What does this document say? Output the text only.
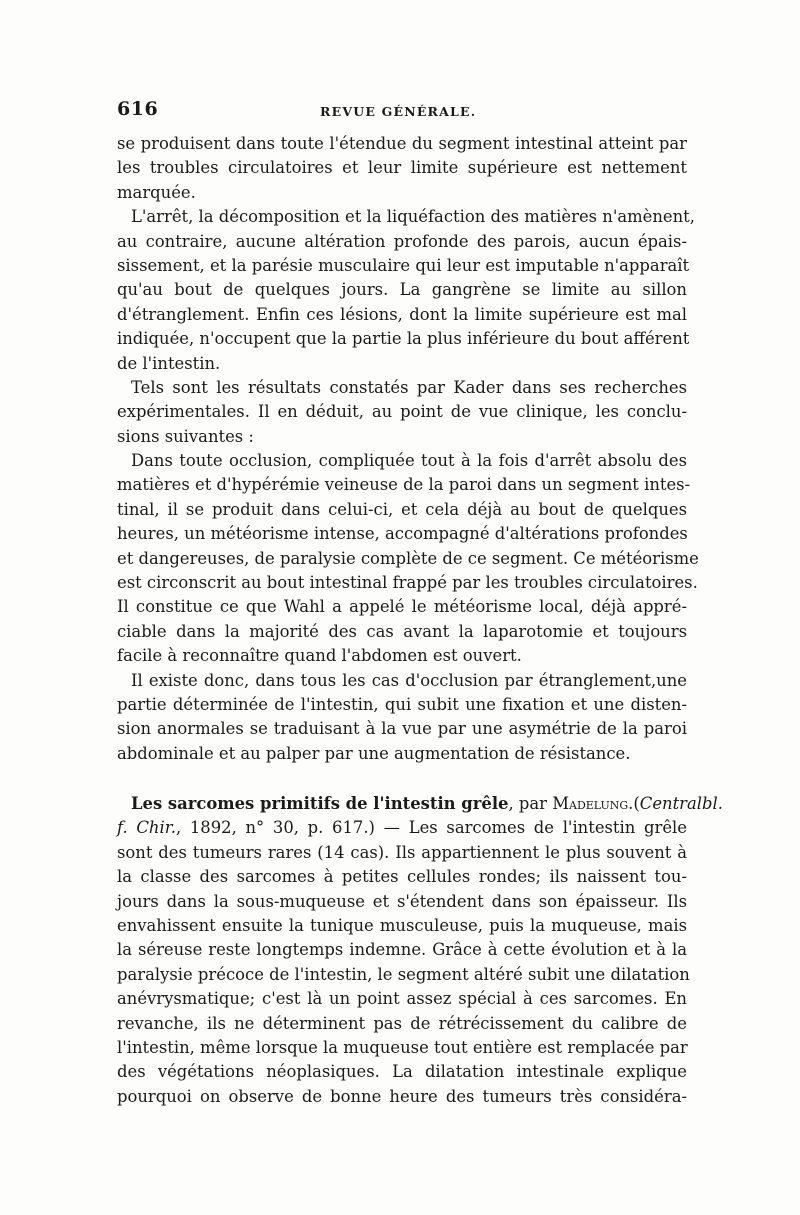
616	REVUE GÉNÉRALE.
se produisent dans toute l'étendue du segment intestinal atteint par
les troubles circulatoires et leur limite supérieure est nettement
marquée.
L'arrêt, la décomposition et la liquéfaction des matières n'amènent,
au contraire, aucune altération profonde des parois, aucun épais-
sissement, et la parésie musculaire qui leur est imputable n'apparaît
qu'au bout de quelques jours. La gangrène se limite au sillon
d'étranglement. Enfin ces lésions, dont la limite supérieure est mal
indiquée, n'occupent que la partie la plus inférieure du bout afférent
de l'intestin.
Tels sont les résultats constatés par Kader dans ses recherches
expérimentales. Il en déduit, au point de vue clinique, les conclu-
sions suivantes :
Dans toute occlusion, compliquée tout à la fois d'arrêt absolu des
matières et d'hypérémie veineuse de la paroi dans un segment intes-
tinal, il se produit dans celui-ci, et cela déjà au bout de quelques
heures, un météorisme intense, accompagné d'altérations profondes
et dangereuses, de paralysie complète de ce segment. Ce météorisme
est circonscrit au bout intestinal frappé par les troubles circulatoires.
Il constitue ce que Wahl a appelé le météorisme local, déjà appré-
ciable dans la majorité des cas avant la laparotomie et toujours
facile à reconnaître quand l'abdomen est ouvert.
Il existe donc, dans tous les cas d'occlusion par étranglement,une
partie déterminée de l'intestin, qui subit une fixation et une disten-
sion anormales se traduisant à la vue par une asymétrie de la paroi
abdominale et au palper par une augmentation de résistance.
Les sarcomes primitifs de l'intestin grêle, par Madelung.(Centralbl.
f. Chir., 1892, n° 30, p. 617.) — Les sarcomes de l'intestin grêle
sont des tumeurs rares (14 cas). Ils appartiennent le plus souvent à
la classe des sarcomes à petites cellules rondes; ils naissent tou-
jours dans la sous-muqueuse et s'étendent dans son épaisseur. Ils
envahissent ensuite la tunique musculeuse, puis la muqueuse, mais
la séreuse reste longtemps indemne. Grâce à cette évolution et à la
paralysie précoce de l'intestin, le segment altéré subit une dilatation
anévrysmatique; c'est là un point assez spécial à ces sarcomes. En
revanche, ils ne déterminent pas de rétrécissement du calibre de
l'intestin, même lorsque la muqueuse tout entière est remplacée par
des végétations néoplasiques. La dilatation intestinale explique
pourquoi on observe de bonne heure des tumeurs très considéra-
